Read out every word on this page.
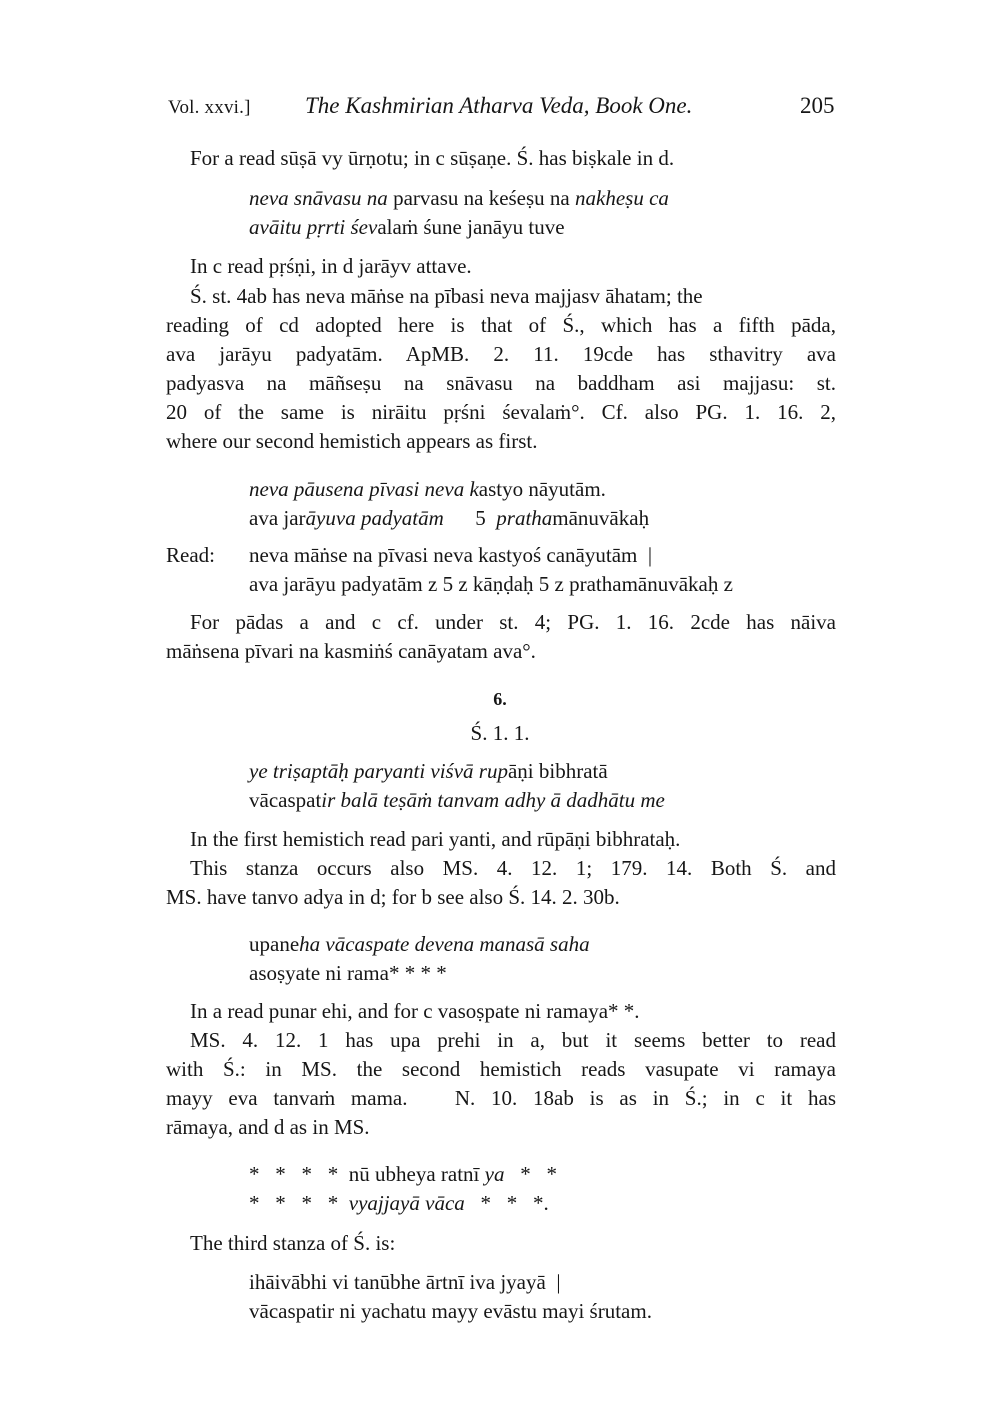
Vol. xxvi.] The Kashmirian Atharva Veda, Book One.	205

For a read sūṣā vy ūrṇotu; in c sūṣaṇe. Ś. has biṣkale in d.

neva snāvasu na parvasu na keśeṣu na nakheṣu ca

avāitu pṛrti śevalaṁ śune janāyu tuve

In c read pṛśṇi, in d jarāyv attave.

Ś. st. 4ab has neva māṅse na pībasi neva majjasv āhatam; the

reading of cd adopted here is that of Ś., which has a fifth pāda,

ava jarāyu padyatām. ApMB. 2. 11. 19cde has sthavitry ava

padyasva na māñseṣu na snāvasu na baddham asi majjasu: st.

20 of the same is nirāitu pṛśni śevalaṁ°. Cf. also PG. 1. 16. 2,

where our second hemistich appears as first.

neva pāusena pīvasi neva kastyo nāyutām.

ava jarāyuva padyatām      5  prathamānuvākaḥ

Read: neva māṅse na pīvasi neva kastyoś canāyutām  |

ava jarāyu padyatām z 5 z kāṇḍaḥ 5 z prathamānuvākaḥ z

For pādas a and c cf. under st. 4; PG. 1. 16. 2cde has nāiva

māṅsena pīvari na kasmiṅś canāyatam ava°.

6.

Ś. 1. 1.

ye triṣaptāḥ paryanti viśvā rupāṇi bibhratā

vācaspatir balā teṣāṁ tanvam adhy ā dadhātu me

In the first hemistich read pari yanti, and rūpāṇi bibhrataḥ.

This stanza occurs also MS. 4. 12. 1; 179. 14. Both Ś. and

MS. have tanvo adya in d; for b see also Ś. 14. 2. 30b.

upaneha vācaspate devena manasā saha

asoṣyate ni rama* * * *

In a read punar ehi, and for c vasoṣpate ni ramaya* *.

MS. 4. 12. 1 has upa prehi in a, but it seems better to read

with Ś.: in MS. the second hemistich reads vasupate vi ramaya

mayy eva tanvaṁ mama.   N. 10. 18ab is as in Ś.; in c it has

rāmaya, and d as in MS.

*   *   *   *  nū ubheya ratnī ya   *   *

*   *   *   *  vyajjayā vāca   *   *   *.

The third stanza of Ś. is:

ihāivābhi vi tanūbhe ārtnī iva jyayā  |

vācaspatir ni yachatu mayy evāstu mayi śrutam.
